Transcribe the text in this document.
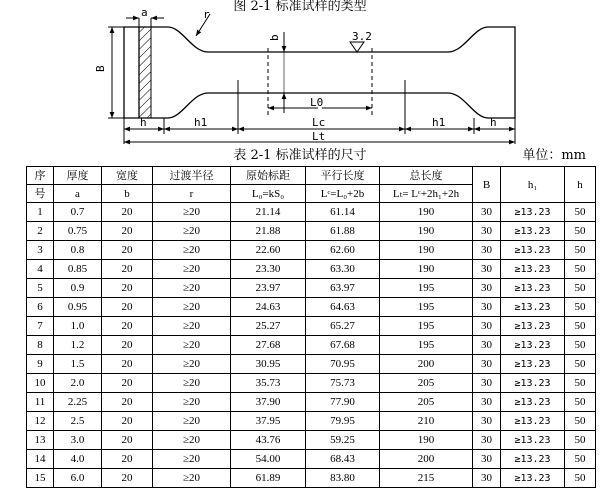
图 2-1 标准试样的类型
a	r
B
b	3.2
L0
h	h1	Lc	h1	h
Lt
表 2-1 标准试样的尺寸	单位：mm
序	厚度	宽度	过渡半径	原始标距	平行长度	总长度	B	h₁	h
号	a	b	r	L₀=kS₀	Lᶜ=L₀+2b	Lₜ= Lᶜ+2h₁+2h			
1	0.7	20	≥20	21.14	61.14	190	30	≥13.23	50
2	0.75	20	≥20	21.88	61.88	190	30	≥13.23	50
3	0.8	20	≥20	22.60	62.60	190	30	≥13.23	50
4	0.85	20	≥20	23.30	63.30	190	30	≥13.23	50
5	0.9	20	≥20	23.97	63.97	195	30	≥13.23	50
6	0.95	20	≥20	24.63	64.63	195	30	≥13.23	50
7	1.0	20	≥20	25.27	65.27	195	30	≥13.23	50
8	1.2	20	≥20	27.68	67.68	195	30	≥13.23	50
9	1.5	20	≥20	30.95	70.95	200	30	≥13.23	50
10	2.0	20	≥20	35.73	75.73	205	30	≥13.23	50
11	2.25	20	≥20	37.90	77.90	205	30	≥13.23	50
12	2.5	20	≥20	37.95	79.95	210	30	≥13.23	50
13	3.0	20	≥20	43.76	59.25	190	30	≥13.23	50
14	4.0	20	≥20	54.00	68.43	200	30	≥13.23	50
15	6.0	20	≥20	61.89	83.80	215	30	≥13.23	50
